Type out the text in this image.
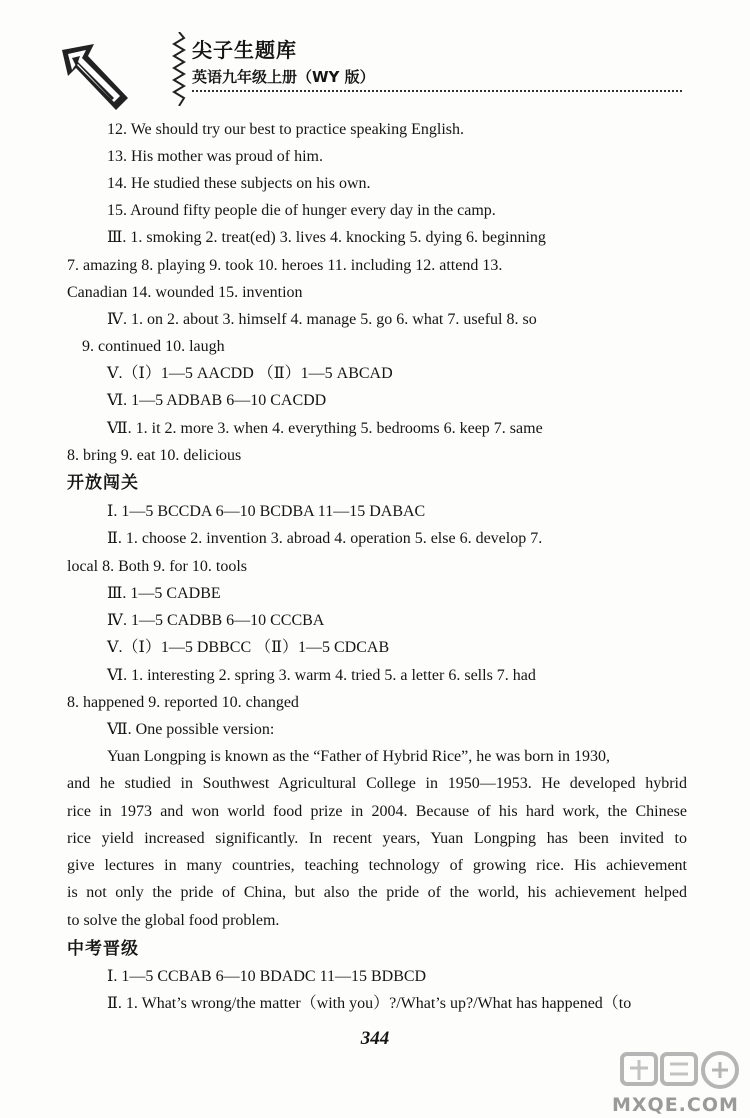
尖子生题库
英语九年级上册（WY 版）
12. We should try our best to practice speaking English.
13. His mother was proud of him.
14. He studied these subjects on his own.
15. Around fifty people die of hunger every day in the camp.
Ⅲ. 1. smoking 2. treat(ed) 3. lives 4. knocking 5. dying 6. beginning
7. amazing 8. playing 9. took 10. heroes 11. including 12. attend 13.
Canadian 14. wounded 15. invention
Ⅳ. 1. on 2. about 3. himself 4. manage 5. go 6. what 7. useful 8. so
9. continued 10. laugh
Ⅴ.（Ⅰ）1—5 AACDD （Ⅱ）1—5 ABCAD
Ⅵ. 1—5 ADBAB 6—10 CACDD
Ⅶ. 1. it 2. more 3. when 4. everything 5. bedrooms 6. keep 7. same
8. bring 9. eat 10. delicious
开放闯关
Ⅰ. 1—5 BCCDA 6—10 BCDBA 11—15 DABAC
Ⅱ. 1. choose 2. invention 3. abroad 4. operation 5. else 6. develop 7.
local 8. Both 9. for 10. tools
Ⅲ. 1—5 CADBE
Ⅳ. 1—5 CADBB 6—10 CCCBA
Ⅴ.（Ⅰ）1—5 DBBCC （Ⅱ）1—5 CDCAB
Ⅵ. 1. interesting 2. spring 3. warm 4. tried 5. a letter 6. sells 7. had
8. happened 9. reported 10. changed
Ⅶ. One possible version:
Yuan Longping is known as the “Father of Hybrid Rice”, he was born in 1930,
and he studied in Southwest Agricultural College in 1950—1953. He developed hybrid
rice in 1973 and won world food prize in 2004. Because of his hard work, the Chinese
rice yield increased significantly. In recent years, Yuan Longping has been invited to
give lectures in many countries, teaching technology of growing rice. His achievement
is not only the pride of China, but also the pride of the world, his achievement helped
to solve the global food problem.
中考晋级
Ⅰ. 1—5 CCBAB 6—10 BDADC 11—15 BDBCD
Ⅱ. 1. What’s wrong/the matter（with you）?/What’s up?/What has happened（to
344
MXQE.COM
